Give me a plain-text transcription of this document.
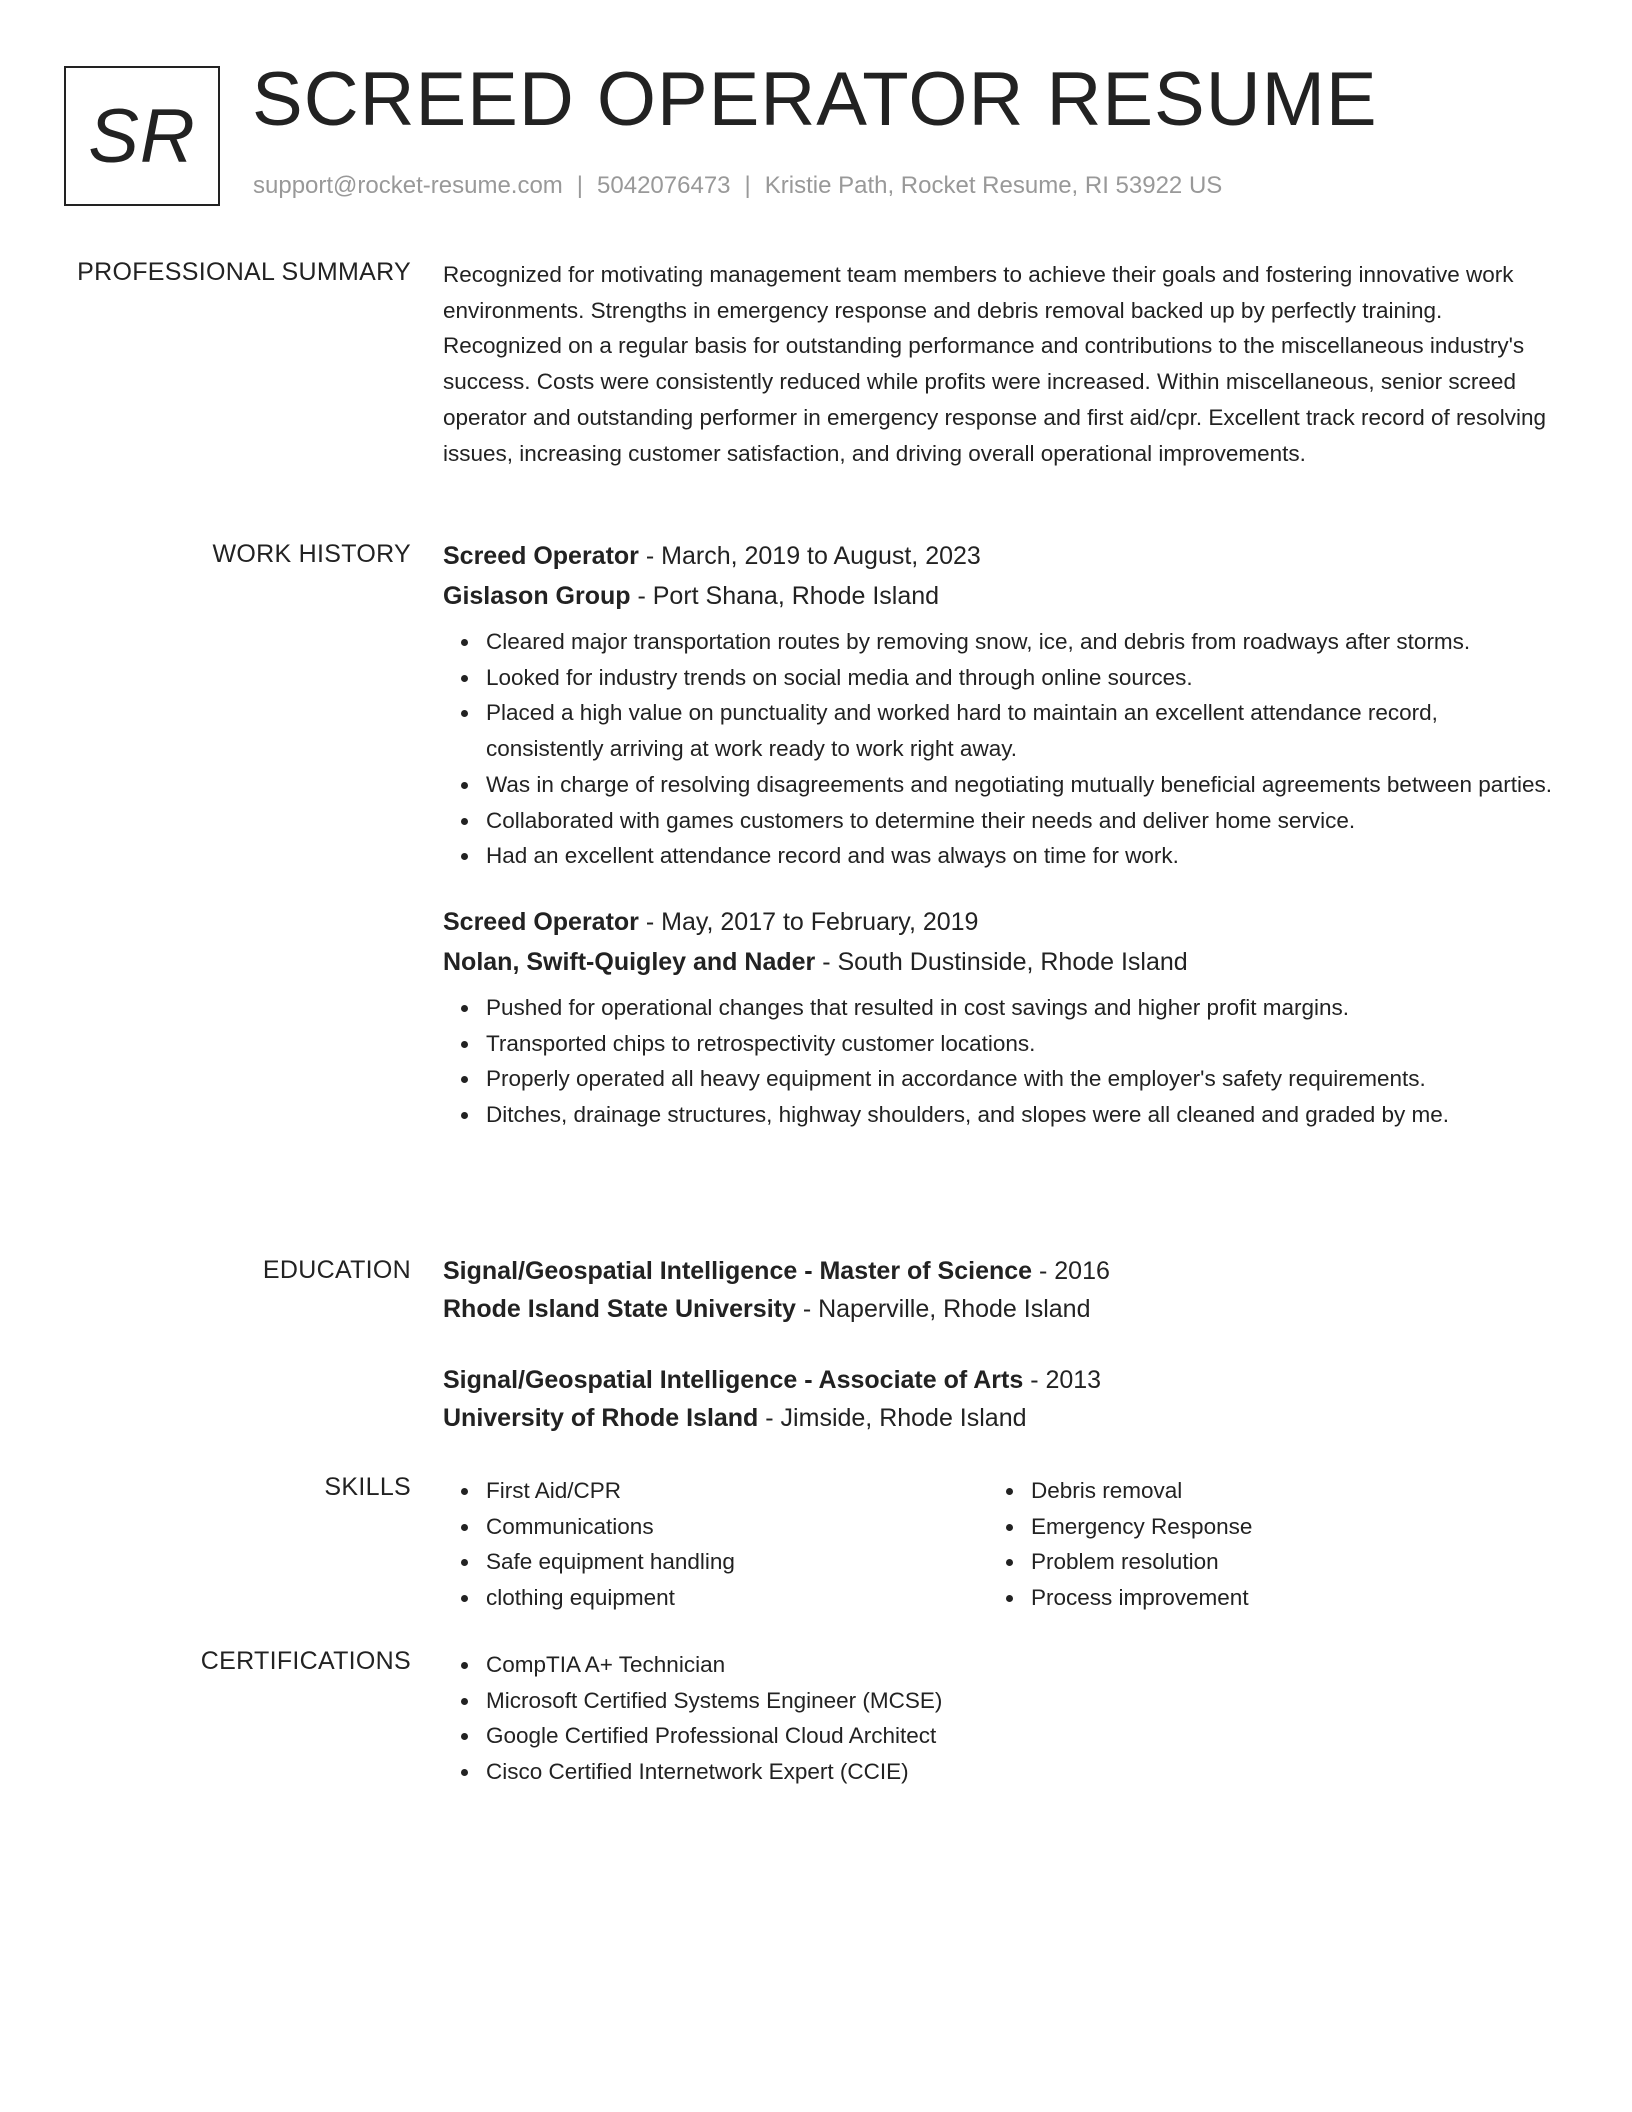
SR SCREED OPERATOR RESUME
support@rocket-resume.com | 5042076473 | Kristie Path, Rocket Resume, RI 53922 US
PROFESSIONAL SUMMARY Recognized for motivating management team members to achieve their goals and fostering innovative work environments. Strengths in emergency response and debris removal backed up by perfectly training. Recognized on a regular basis for outstanding performance and contributions to the miscellaneous industry's success. Costs were consistently reduced while profits were increased. Within miscellaneous, senior screed operator and outstanding performer in emergency response and first aid/cpr. Excellent track record of resolving issues, increasing customer satisfaction, and driving overall operational improvements.

WORK HISTORY Screed Operator - March, 2019 to August, 2023
Gislason Group - Port Shana, Rhode Island
Cleared major transportation routes by removing snow, ice, and debris from roadways after storms.
Looked for industry trends on social media and through online sources.
Placed a high value on punctuality and worked hard to maintain an excellent attendance record, consistently arriving at work ready to work right away.
Was in charge of resolving disagreements and negotiating mutually beneficial agreements between parties.
Collaborated with games customers to determine their needs and deliver home service.
Had an excellent attendance record and was always on time for work.
Screed Operator - May, 2017 to February, 2019
Nolan, Swift-Quigley and Nader - South Dustinside, Rhode Island
Pushed for operational changes that resulted in cost savings and higher profit margins.
Transported chips to retrospectivity customer locations.
Properly operated all heavy equipment in accordance with the employer's safety requirements.
Ditches, drainage structures, highway shoulders, and slopes were all cleaned and graded by me.
EDUCATION Signal/Geospatial Intelligence - Master of Science - 2016
Rhode Island State University - Naperville, Rhode Island
Signal/Geospatial Intelligence - Associate of Arts - 2013
University of Rhode Island - Jimside, Rhode Island
SKILLS	First Aid/CPR
Communications
Safe equipment handling
clothing equipment
Debris removal
Emergency Response
Problem resolution
Process improvement
CERTIFICATIONS	CompTIA A+ Technician
Microsoft Certified Systems Engineer (MCSE)
Google Certified Professional Cloud Architect
Cisco Certified Internetwork Expert (CCIE)
